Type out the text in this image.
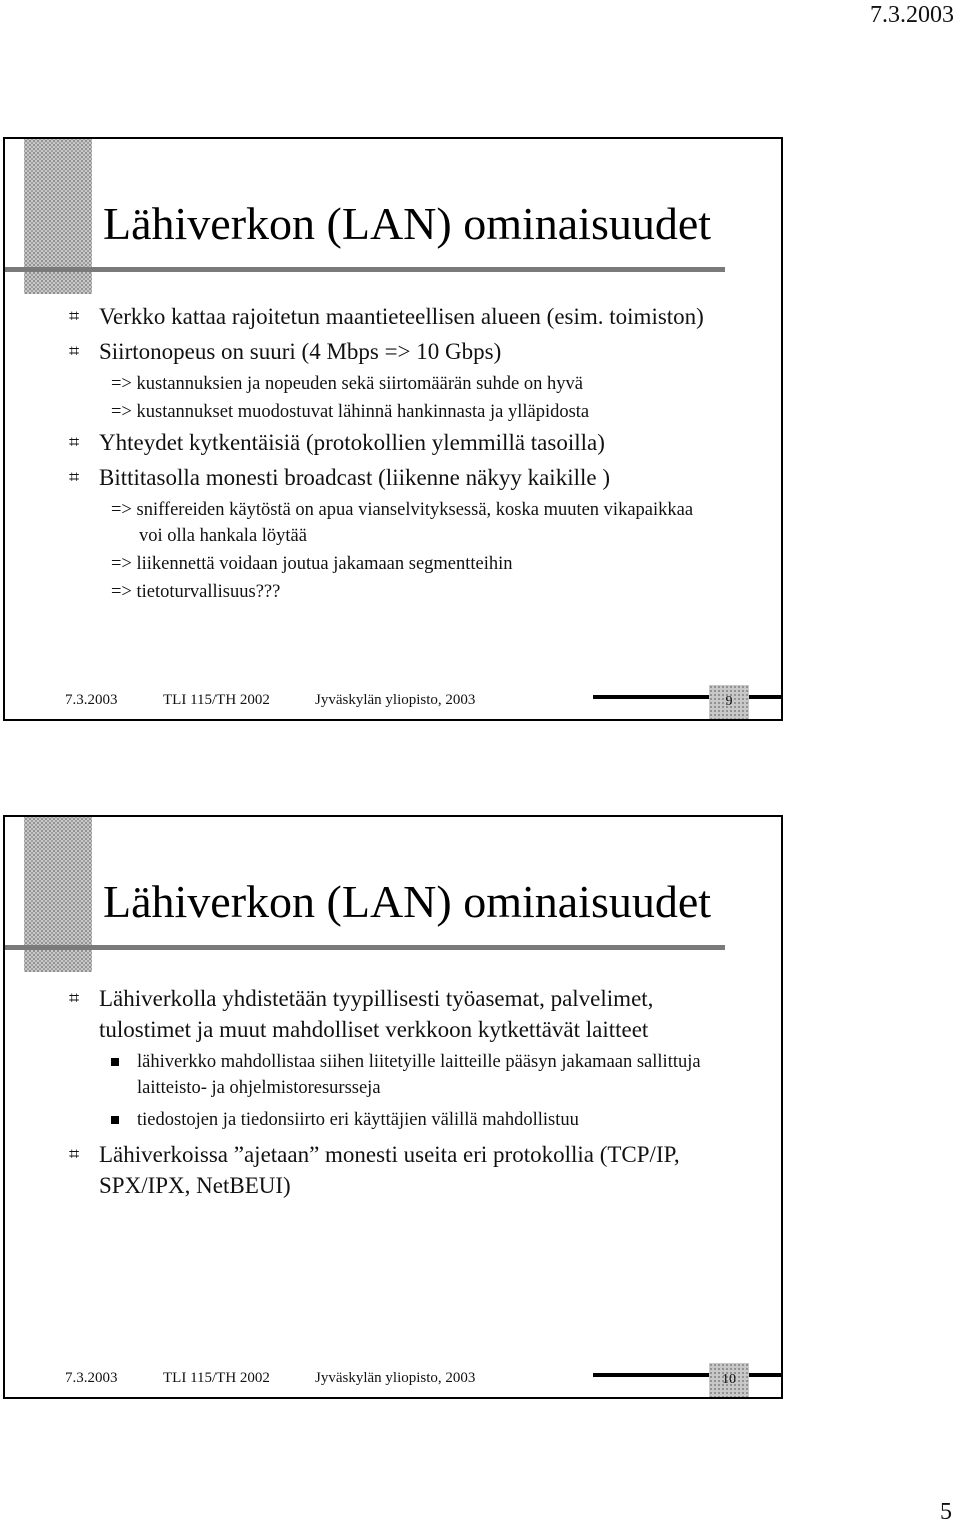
7.3.2003
Lähiverkon (LAN) ominaisuudet
⌗ Verkko kattaa rajoitetun maantieteellisen alueen (esim. toimiston)
⌗ Siirtonopeus on suuri (4 Mbps => 10 Gbps)
=> kustannuksien ja nopeuden sekä siirtomäärän suhde on hyvä
=> kustannukset muodostuvat lähinnä hankinnasta ja ylläpidosta
⌗ Yhteydet kytkentäisiä (protokollien ylemmillä tasoilla)
⌗ Bittitasolla monesti broadcast (liikenne näkyy kaikille )
=> sniffereiden käytöstä on apua vianselvityksessä, koska muuten vikapaikkaa voi olla hankala löytää
=> liikennettä voidaan joutua jakamaan segmentteihin
=> tietoturvallisuus???
7.3.2003	TLI 115/TH 2002	Jyväskylän yliopisto, 2003	9
Lähiverkon (LAN) ominaisuudet
⌗ Lähiverkolla yhdistetään tyypillisesti työasemat, palvelimet, tulostimet ja muut mahdolliset verkkoon kytkettävät laitteet
lähiverkko mahdollistaa siihen liitetyille laitteille pääsyn jakamaan sallittuja laitteisto- ja ohjelmistoresursseja
tiedostojen ja tiedonsiirto eri käyttäjien välillä mahdollistuu
⌗ Lähiverkoissa ”ajetaan” monesti useita eri protokollia (TCP/IP, SPX/IPX, NetBEUI)
7.3.2003	TLI 115/TH 2002	Jyväskylän yliopisto, 2003	10
5
